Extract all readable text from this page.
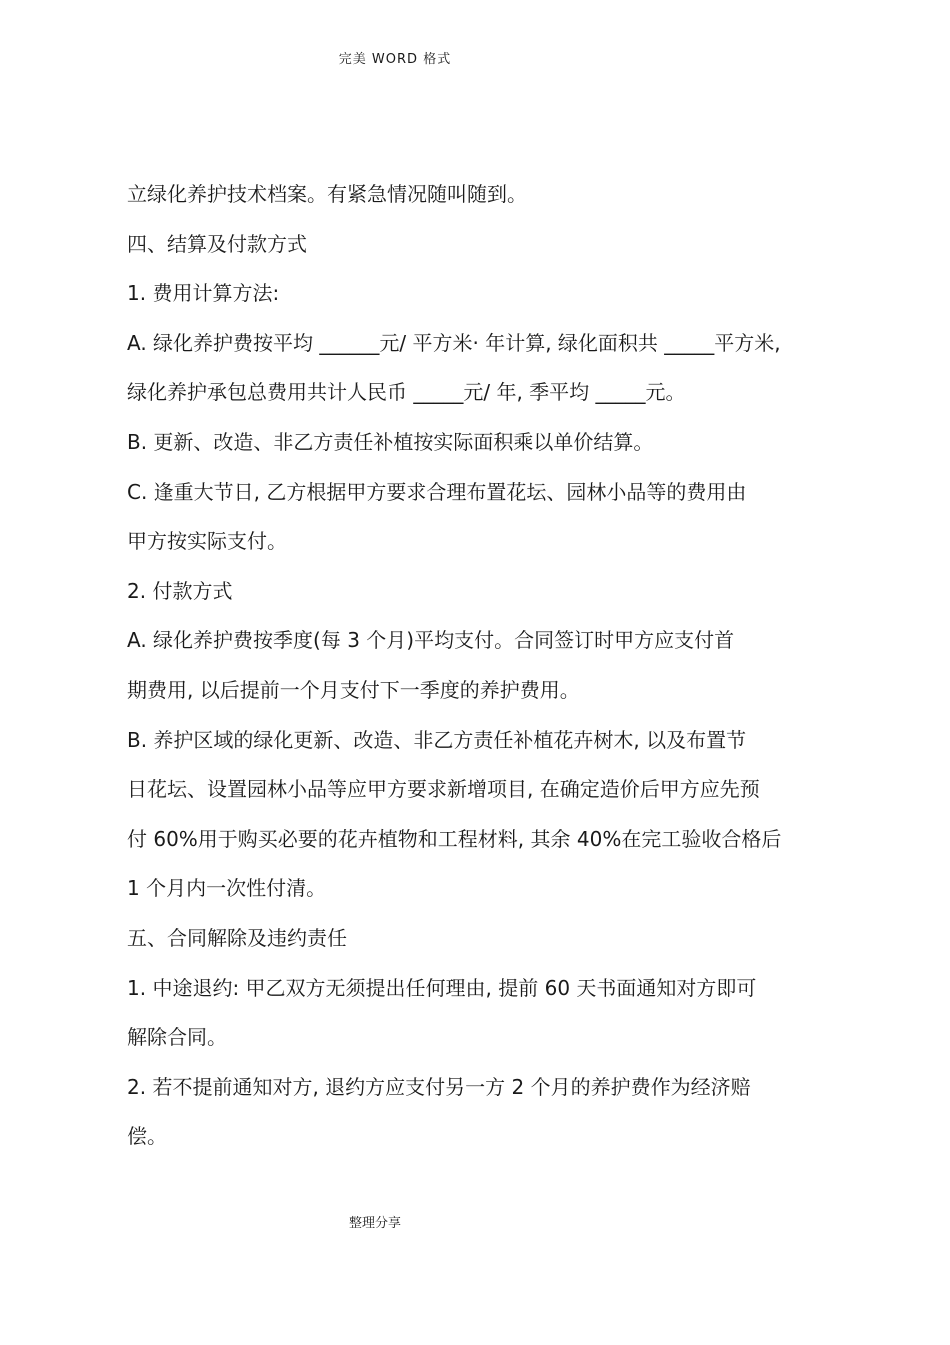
完美 WORD 格式
立绿化养护技术档案。有紧急情况随叫随到。
四、结算及付款方式
1. 费用计算方法:
A. 绿化养护费按平均 ______元/ 平方米· 年计算, 绿化面积共 _____平方米,
绿化养护承包总费用共计人民币 _____元/ 年, 季平均 _____元。
B. 更新、改造、非乙方责任补植按实际面积乘以单价结算。
C. 逢重大节日, 乙方根据甲方要求合理布置花坛、园林小品等的费用由
甲方按实际支付。
2. 付款方式
A. 绿化养护费按季度(每 3 个月)平均支付。合同签订时甲方应支付首
期费用, 以后提前一个月支付下一季度的养护费用。
B. 养护区域的绿化更新、改造、非乙方责任补植花卉树木, 以及布置节
日花坛、设置园林小品等应甲方要求新增项目, 在确定造价后甲方应先预
付 60%用于购买必要的花卉植物和工程材料, 其余 40%在完工验收合格后
1 个月内一次性付清。
五、合同解除及违约责任
1. 中途退约: 甲乙双方无须提出任何理由, 提前 60 天书面通知对方即可
解除合同。
2. 若不提前通知对方, 退约方应支付另一方 2 个月的养护费作为经济赔
偿。
整理分享
